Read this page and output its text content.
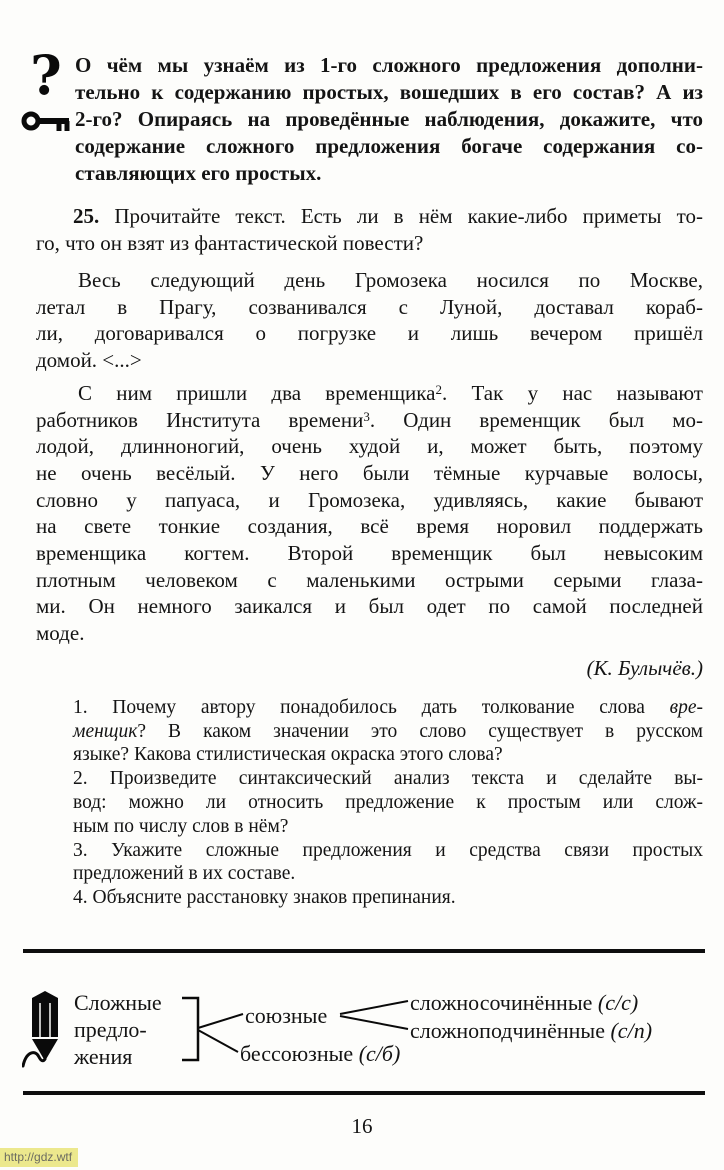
? О чём мы узнаём из 1-го сложного предложения дополни-
тельно к содержанию простых, вошедших в его состав? А из
2-го? Опираясь на проведённые наблюдения, докажите, что
содержание сложного предложения богаче содержания со-
ставляющих его простых.
25. Прочитайте текст. Есть ли в нём какие-либо приметы то-
го, что он взят из фантастической повести?
Весь следующий день Громозека носился по Москве,
летал в Прагу, созванивался с Луной, доставал кораб-
ли, договаривался о погрузке и лишь вечером пришёл
домой. <...>
С ним пришли два временщика$^2$. Так у нас называют
работников Института времени$^3$. Один временщик был мо-
лодой, длинноногий, очень худой и, может быть, поэтому
не очень весёлый. У него были тёмные курчавые волосы,
словно у папуаса, и Громозека, удивляясь, какие бывают
на свете тонкие создания, всё время норовил поддержать
временщика когтем. Второй временщик был невысоким
плотным человеком с маленькими острыми серыми глаза-
ми. Он немного заикался и был одет по самой последней
моде.
(К. Булычёв.)
1. Почему автору понадобилось дать толкование слова вре-
менщик? В каком значении это слово существует в русском
языке? Какова стилистическая окраска этого слова?
2. Произведите синтаксический анализ текста и сделайте вы-
вод: можно ли относить предложение к простым или слож-
ным по числу слов в нём?
3. Укажите сложные предложения и средства связи простых
предложений в их составе.
4. Объясните расстановку знаков препинания.
Сложные
предло-
жения
союзные
бессоюзные (с/б)
сложносочинённые (с/с)
сложноподчинённые (с/п)
16
http://gdz.wtf
